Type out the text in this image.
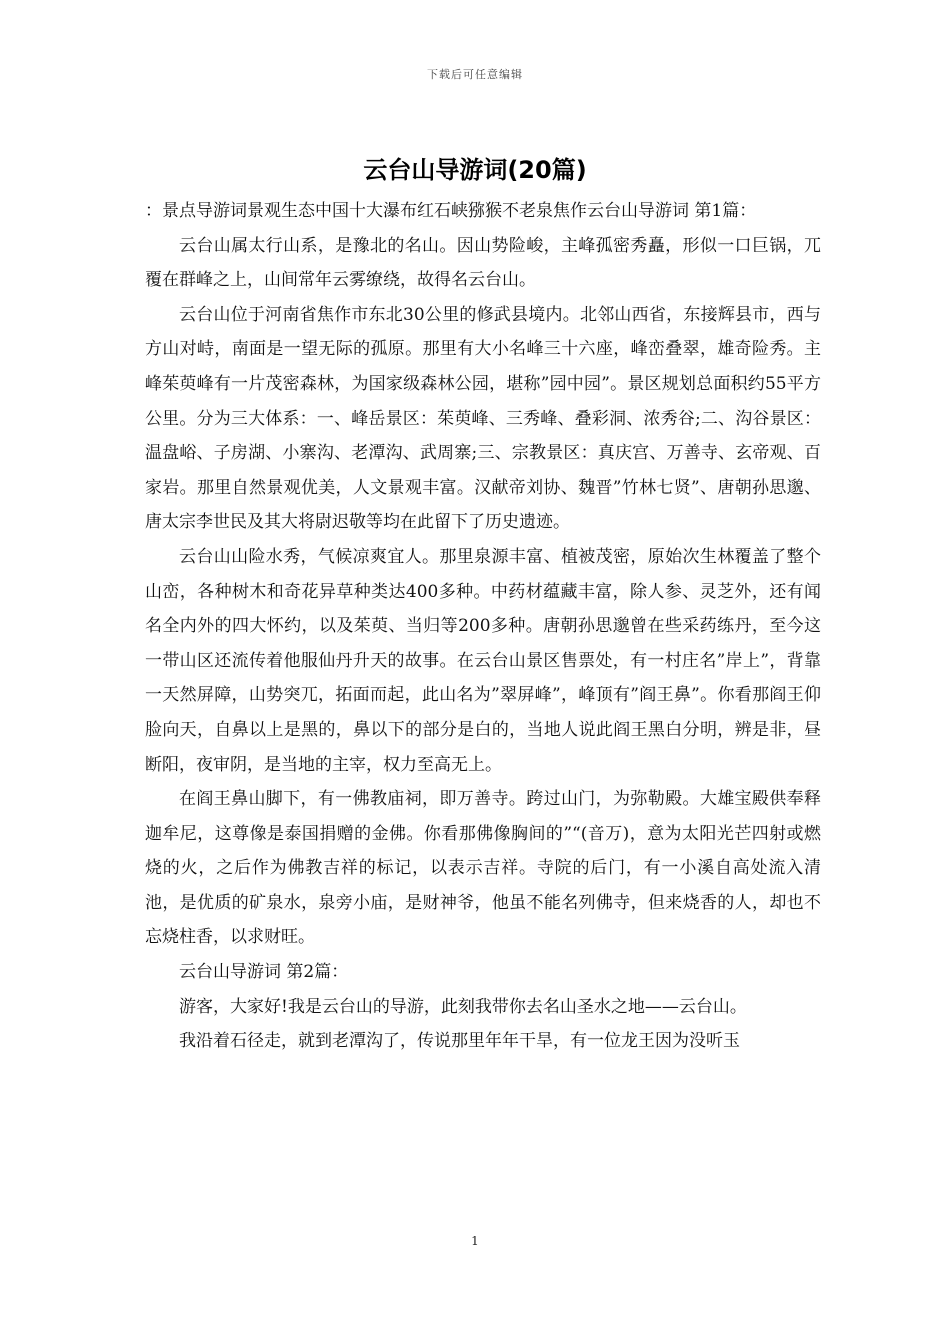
下载后可任意编辑
云台山导游词(20篇)

：景点导游词景观生态中国十大瀑布红石峡猕猴不老泉焦作云台山导游词 第1篇：

云台山属太行山系，是豫北的名山。因山势险峻，主峰孤密秀矗，形似一口巨锅，兀覆在群峰之上，山间常年云雾缭绕，故得名云台山。

云台山位于河南省焦作市东北30公里的修武县境内。北邻山西省，东接辉县市，西与方山对峙，南面是一望无际的孤原。那里有大小名峰三十六座，峰峦叠翠，雄奇险秀。主峰茱萸峰有一片茂密森林，为国家级森林公园，堪称”园中园”。景区规划总面积约55平方公里。分为三大体系：一、峰岳景区：茱萸峰、三秀峰、叠彩洞、浓秀谷;二、沟谷景区：温盘峪、子房湖、小寨沟、老潭沟、武周寨;三、宗教景区：真庆宫、万善寺、玄帝观、百家岩。那里自然景观优美，人文景观丰富。汉献帝刘协、魏晋”竹林七贤”、唐朝孙思邈、唐太宗李世民及其大将尉迟敬等均在此留下了历史遗迹。

云台山山险水秀，气候凉爽宜人。那里泉源丰富、植被茂密，原始次生林覆盖了整个山峦，各种树木和奇花异草种类达400多种。中药材蕴藏丰富，除人参、灵芝外，还有闻名全内外的四大怀约，以及茱萸、当归等200多种。唐朝孙思邈曾在些采药练丹，至今这一带山区还流传着他服仙丹升天的故事。在云台山景区售票处，有一村庄名”岸上”，背靠一天然屏障，山势突兀，拓面而起，此山名为”翠屏峰”，峰顶有”阎王鼻”。你看那阎王仰脸向天，自鼻以上是黑的，鼻以下的部分是白的，当地人说此阎王黑白分明，辨是非，昼断阳，夜审阴，是当地的主宰，权力至高无上。

在阎王鼻山脚下，有一佛教庙祠，即万善寺。跨过山门，为弥勒殿。大雄宝殿供奉释迦牟尼，这尊像是泰国捐赠的金佛。你看那佛像胸间的”“(音万)，意为太阳光芒四射或燃烧的火，之后作为佛教吉祥的标记，以表示吉祥。寺院的后门，有一小溪自高处流入清池，是优质的矿泉水，泉旁小庙，是财神爷，他虽不能名列佛寺，但来烧香的人，却也不忘烧柱香，以求财旺。

云台山导游词 第2篇：

游客，大家好!我是云台山的导游，此刻我带你去名山圣水之地——云台山。

我沿着石径走，就到老潭沟了，传说那里年年干旱，有一位龙王因为没听玉

1
